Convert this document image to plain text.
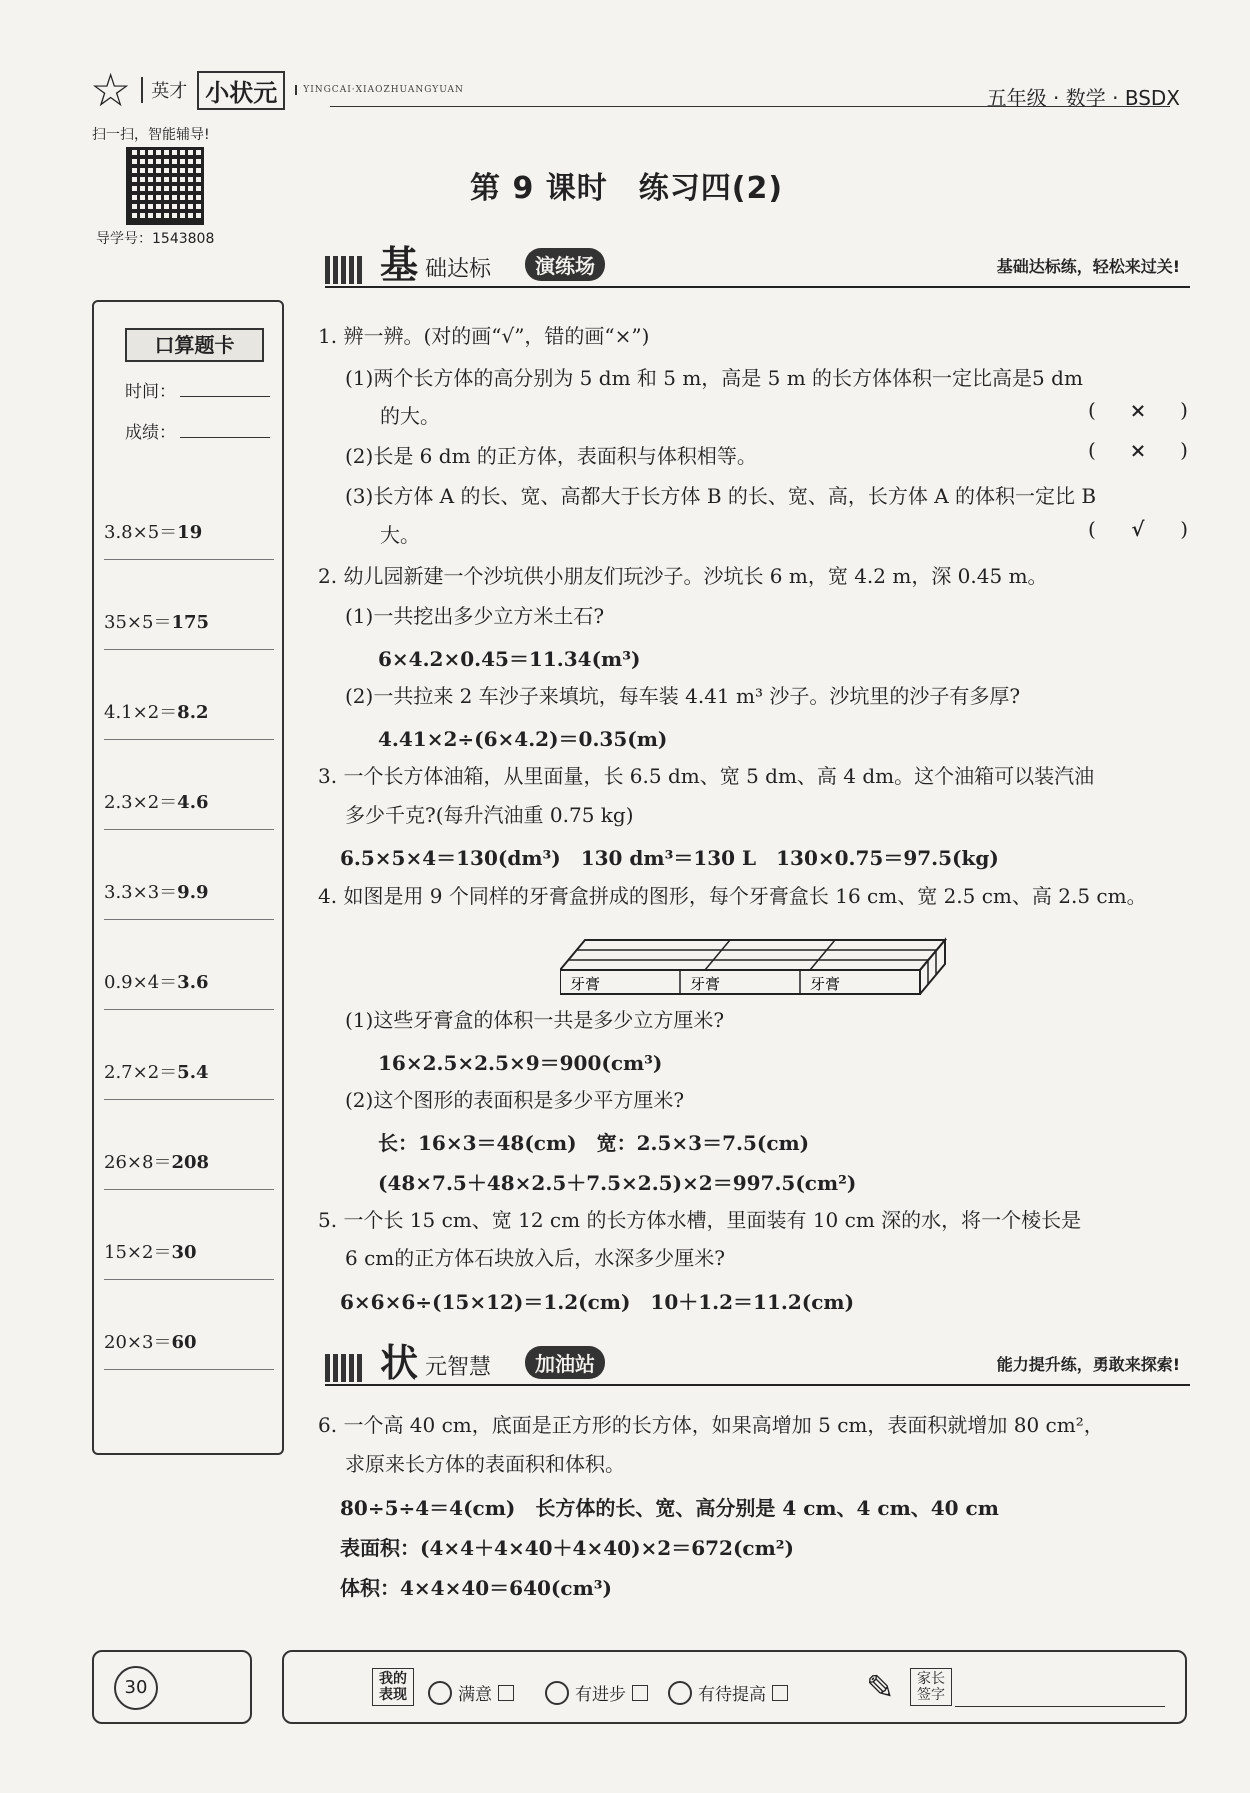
☆	英才 小状元	YINGCAI·XIAOZHUANGYUAN	五年级 · 数学 · BSDX
扫一扫，智能辅导!
导学号：1543808
第 9 课时　练习四(2)
基 础达标	演练场	基础达标练，轻松来过关!
口算题卡
时间：
成绩：
3.8×5＝19
35×5＝175
4.1×2＝8.2
2.3×2＝4.6
3.3×3＝9.9
0.9×4＝3.6
2.7×2＝5.4
26×8＝208
15×2＝30
20×3＝60
1. 辨一辨。(对的画“√”，错的画“×”)
(1)两个长方体的高分别为 5 dm 和 5 m，高是 5 m 的长方体体积一定比高是5 dm
的大。	( × )
(2)长是 6 dm 的正方体，表面积与体积相等。	( × )
(3)长方体 A 的长、宽、高都大于长方体 B 的长、宽、高，长方体 A 的体积一定比 B
大。	( √ )
2. 幼儿园新建一个沙坑供小朋友们玩沙子。沙坑长 6 m，宽 4.2 m，深 0.45 m。
(1)一共挖出多少立方米土石?
6×4.2×0.45＝11.34(m³)
(2)一共拉来 2 车沙子来填坑，每车装 4.41 m³ 沙子。沙坑里的沙子有多厚?
4.41×2÷(6×4.2)＝0.35(m)
3. 一个长方体油箱，从里面量，长 6.5 dm、宽 5 dm、高 4 dm。这个油箱可以装汽油
多少千克?(每升汽油重 0.75 kg)
6.5×5×4＝130(dm³)　130 dm³＝130 L　130×0.75＝97.5(kg)
4. 如图是用 9 个同样的牙膏盒拼成的图形，每个牙膏盒长 16 cm、宽 2.5 cm、高 2.5 cm。
牙膏	牙膏	牙膏
(1)这些牙膏盒的体积一共是多少立方厘米?
16×2.5×2.5×9＝900(cm³)
(2)这个图形的表面积是多少平方厘米?
长：16×3＝48(cm)　宽：2.5×3＝7.5(cm)
(48×7.5＋48×2.5＋7.5×2.5)×2＝997.5(cm²)
5. 一个长 15 cm、宽 12 cm 的长方体水槽，里面装有 10 cm 深的水，将一个棱长是
6 cm的正方体石块放入后，水深多少厘米?
6×6×6÷(15×12)＝1.2(cm)　10＋1.2＝11.2(cm)
状 元智慧	加油站	能力提升练，勇敢来探索!
6. 一个高 40 cm，底面是正方形的长方体，如果高增加 5 cm，表面积就增加 80 cm²，
求原来长方体的表面积和体积。
80÷5÷4＝4(cm)　长方体的长、宽、高分别是 4 cm、4 cm、40 cm
表面积：(4×4＋4×40＋4×40)×2＝672(cm²)
体积：4×4×40＝640(cm³)
30	我的表现	满意	有进步	有待提高	✎	家长签字
